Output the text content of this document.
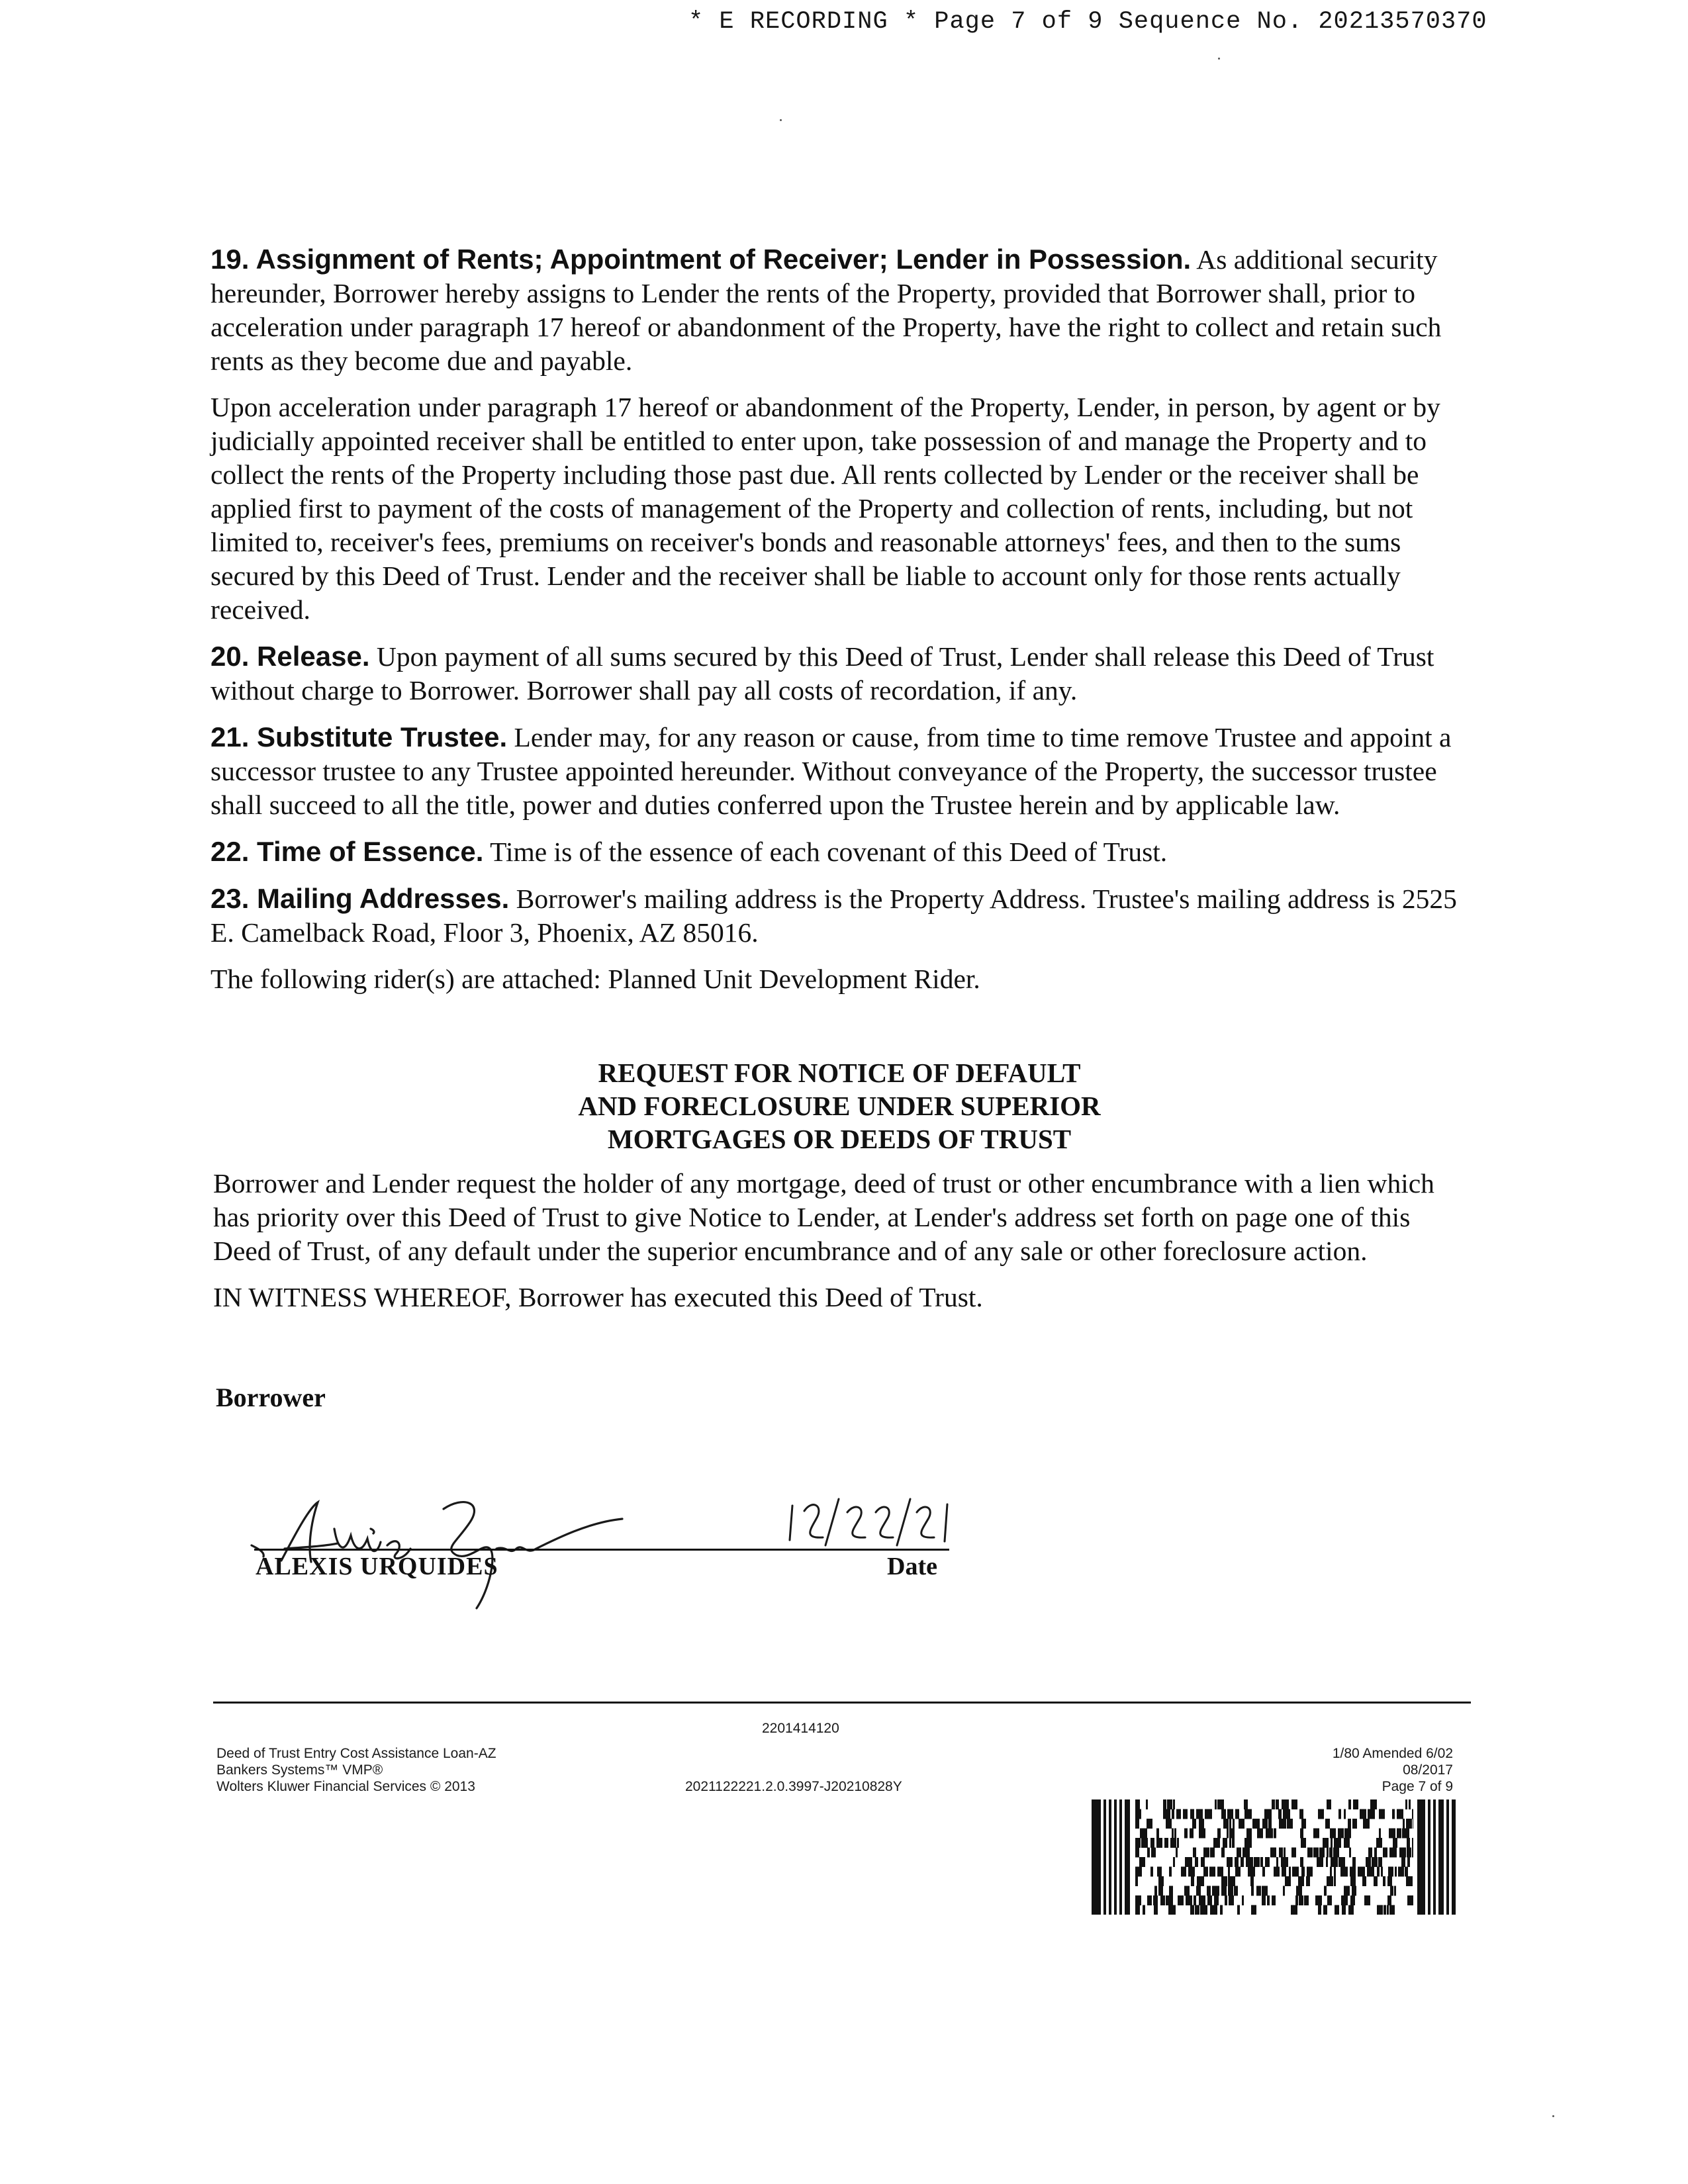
* E RECORDING * Page 7 of 9 Sequence No. 20213570370

19. Assignment of Rents; Appointment of Receiver; Lender in Possession. As additional security hereunder, Borrower hereby assigns to Lender the rents of the Property, provided that Borrower shall, prior to acceleration under paragraph 17 hereof or abandonment of the Property, have the right to collect and retain such rents as they become due and payable.

Upon acceleration under paragraph 17 hereof or abandonment of the Property, Lender, in person, by agent or by judicially appointed receiver shall be entitled to enter upon, take possession of and manage the Property and to collect the rents of the Property including those past due. All rents collected by Lender or the receiver shall be applied first to payment of the costs of management of the Property and collection of rents, including, but not limited to, receiver's fees, premiums on receiver's bonds and reasonable attorneys' fees, and then to the sums secured by this Deed of Trust. Lender and the receiver shall be liable to account only for those rents actually received.

20. Release. Upon payment of all sums secured by this Deed of Trust, Lender shall release this Deed of Trust without charge to Borrower. Borrower shall pay all costs of recordation, if any.

21. Substitute Trustee. Lender may, for any reason or cause, from time to time remove Trustee and appoint a successor trustee to any Trustee appointed hereunder. Without conveyance of the Property, the successor trustee shall succeed to all the title, power and duties conferred upon the Trustee herein and by applicable law.

22. Time of Essence. Time is of the essence of each covenant of this Deed of Trust.

23. Mailing Addresses. Borrower's mailing address is the Property Address. Trustee's mailing address is 2525 E. Camelback Road, Floor 3, Phoenix, AZ 85016.

The following rider(s) are attached: Planned Unit Development Rider.

REQUEST FOR NOTICE OF DEFAULT
AND FORECLOSURE UNDER SUPERIOR
MORTGAGES OR DEEDS OF TRUST

Borrower and Lender request the holder of any mortgage, deed of trust or other encumbrance with a lien which has priority over this Deed of Trust to give Notice to Lender, at Lender's address set forth on page one of this Deed of Trust, of any default under the superior encumbrance and of any sale or other foreclosure action.

IN WITNESS WHEREOF, Borrower has executed this Deed of Trust.

Borrower
ALEXIS URQUIDES	Date
Deed of Trust Entry Cost Assistance Loan-AZ
Bankers Systems™ VMP®
Wolters Kluwer Financial Services © 2013
2201414120
2021122221.2.0.3997-J20210828Y
1/80 Amended 6/02
08/2017
Page 7 of 9
